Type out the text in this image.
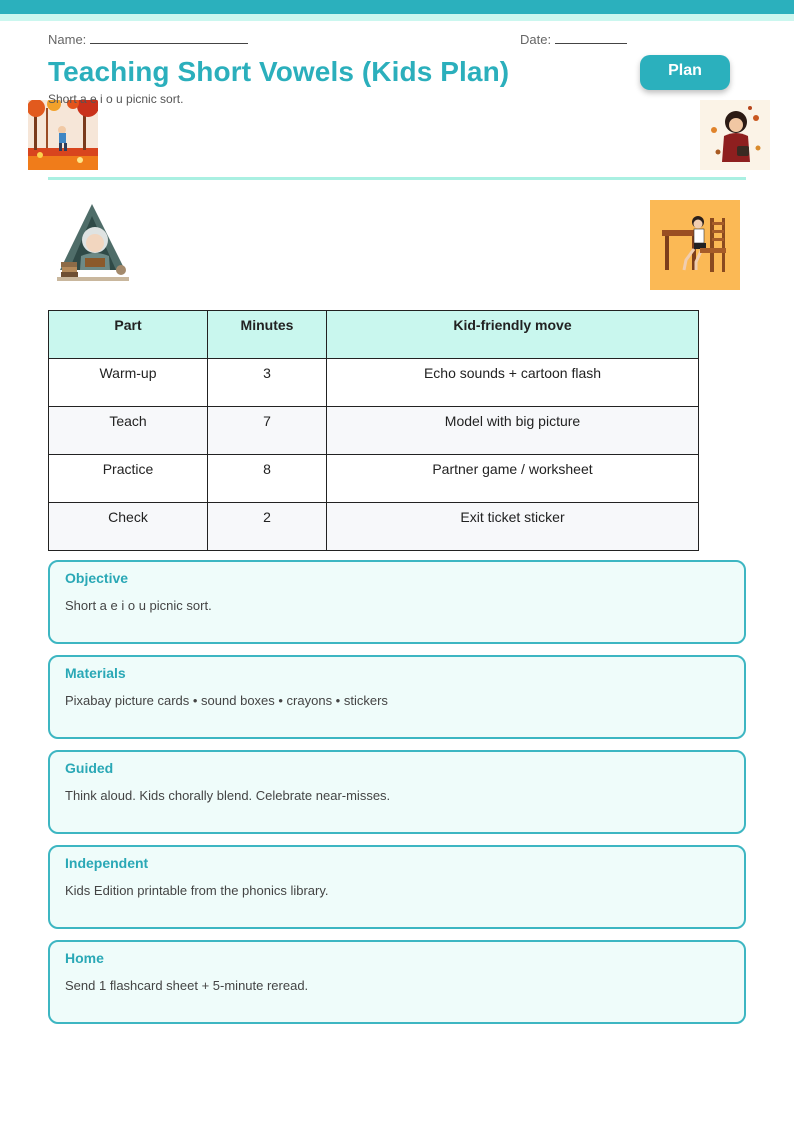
Name:	Date:
Teaching Short Vowels (Kids Plan)	Plan
Short a e i o u picnic sort.
Part	Minutes	Kid-friendly move
Warm-up	3	Echo sounds + cartoon flash
Teach	7	Model with big picture
Practice	8	Partner game / worksheet
Check	2	Exit ticket sticker
Objective
Short a e i o u picnic sort.
Materials
Pixabay picture cards • sound boxes • crayons • stickers
Guided
Think aloud. Kids chorally blend. Celebrate near-misses.
Independent
Kids Edition printable from the phonics library.
Home
Send 1 flashcard sheet + 5-minute reread.
